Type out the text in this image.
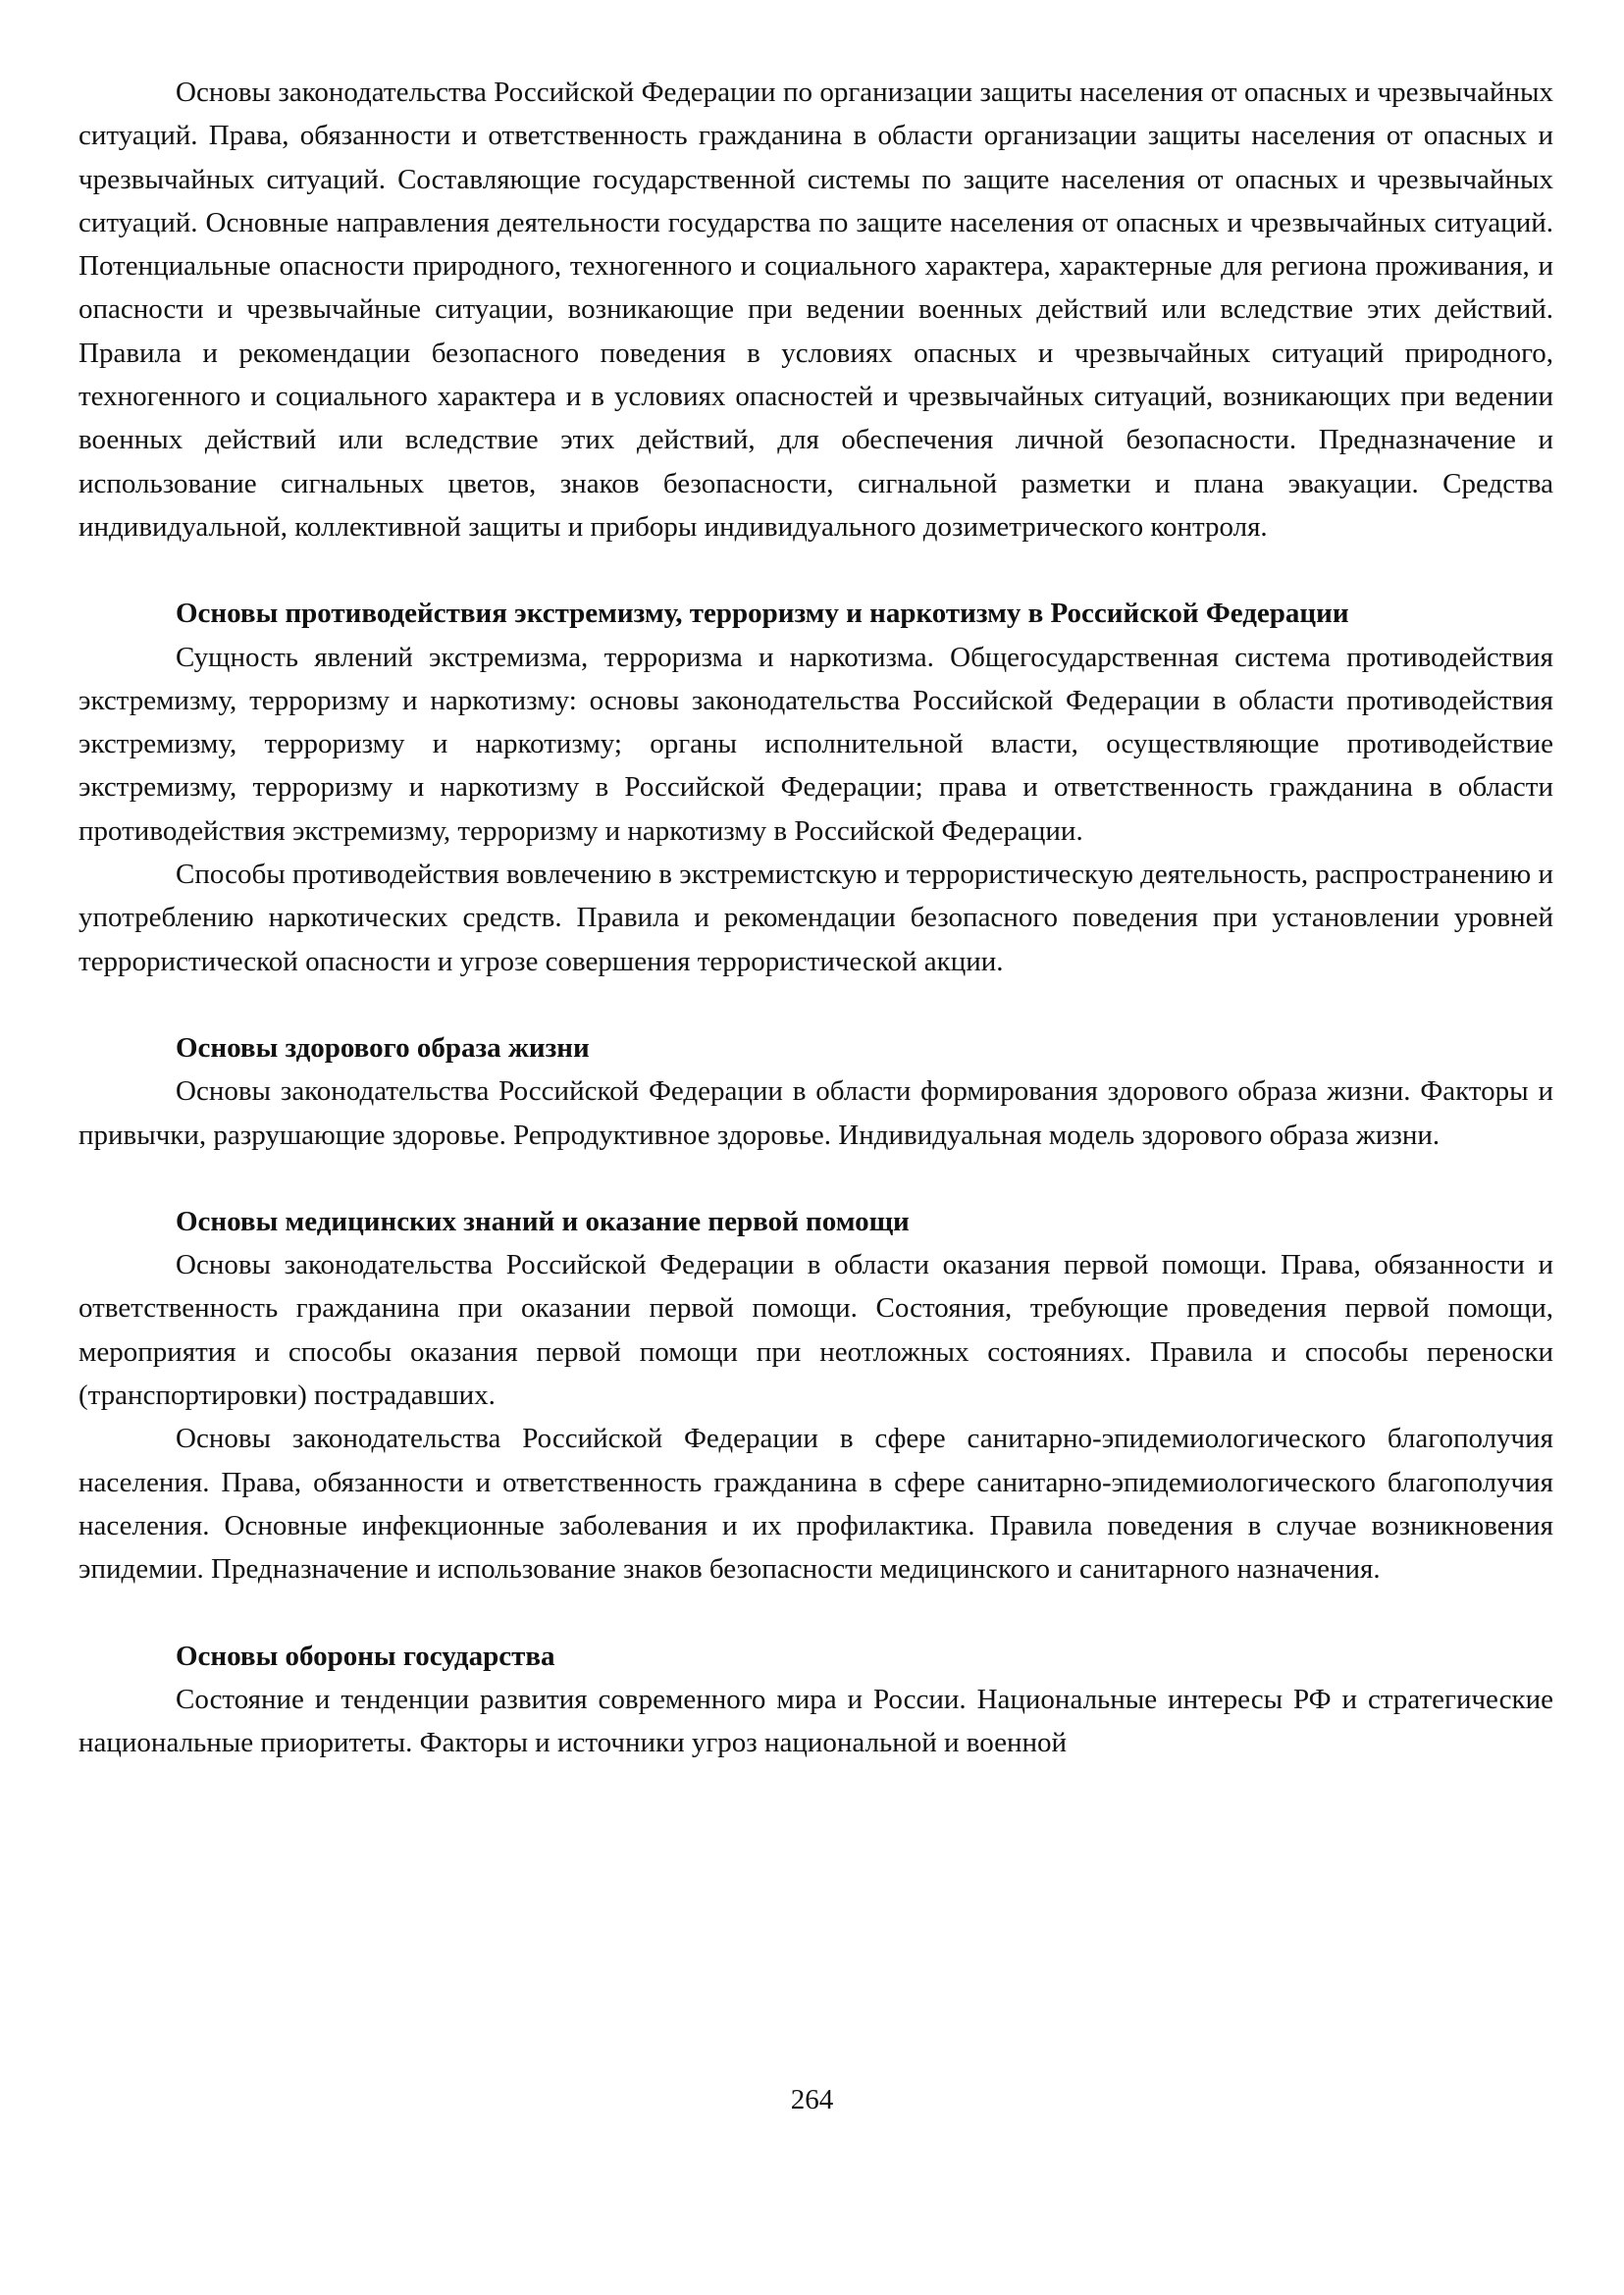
Основы законодательства Российской Федерации по организации защиты населения от опасных и чрезвычайных ситуаций. Права, обязанности и ответственность гражданина в области организации защиты населения от опасных и чрезвычайных ситуаций. Составляющие государственной системы по защите населения от опасных и чрезвычайных ситуаций. Основные направления деятельности государства по защите населения от опасных и чрезвычайных ситуаций. Потенциальные опасности природного, техногенного и социального характера, характерные для региона проживания, и опасности и чрезвычайные ситуации, возникающие при ведении военных действий или вследствие этих действий. Правила и рекомендации безопасного поведения в условиях опасных и чрезвычайных ситуаций природного, техногенного и социального характера и в условиях опасностей и чрезвычайных ситуаций, возникающих при ведении военных действий или вследствие этих действий, для обеспечения личной безопасности. Предназначение и использование сигнальных цветов, знаков безопасности, сигнальной разметки и плана эвакуации. Средства индивидуальной, коллективной защиты и приборы индивидуального дозиметрического контроля.

Основы противодействия экстремизму, терроризму и наркотизму в Российской Федерации

Сущность явлений экстремизма, терроризма и наркотизма. Общегосударственная система противодействия экстремизму, терроризму и наркотизму: основы законодательства Российской Федерации в области противодействия экстремизму, терроризму и наркотизму; органы исполнительной власти, осуществляющие противодействие экстремизму, терроризму и наркотизму в Российской Федерации; права и ответственность гражданина в области противодействия экстремизму, терроризму и наркотизму в Российской Федерации.

Способы противодействия вовлечению в экстремистскую и террористическую деятельность, распространению и употреблению наркотических средств. Правила и рекомендации безопасного поведения при установлении уровней террористической опасности и угрозе совершения террористической акции.

Основы здорового образа жизни

Основы законодательства Российской Федерации в области формирования здорового образа жизни. Факторы и привычки, разрушающие здоровье. Репродуктивное здоровье. Индивидуальная модель здорового образа жизни.

Основы медицинских знаний и оказание первой помощи

Основы законодательства Российской Федерации в области оказания первой помощи. Права, обязанности и ответственность гражданина при оказании первой помощи. Состояния, требующие проведения первой помощи, мероприятия и способы оказания первой помощи при неотложных состояниях. Правила и способы переноски (транспортировки) пострадавших.

Основы законодательства Российской Федерации в сфере санитарно-эпидемиологического благополучия населения. Права, обязанности и ответственность гражданина в сфере санитарно-эпидемиологического благополучия населения. Основные инфекционные заболевания и их профилактика. Правила поведения в случае возникновения эпидемии. Предназначение и использование знаков безопасности медицинского и санитарного назначения.

Основы обороны государства

Состояние и тенденции развития современного мира и России. Национальные интересы РФ и стратегические национальные приоритеты. Факторы и источники угроз национальной и военной

264
